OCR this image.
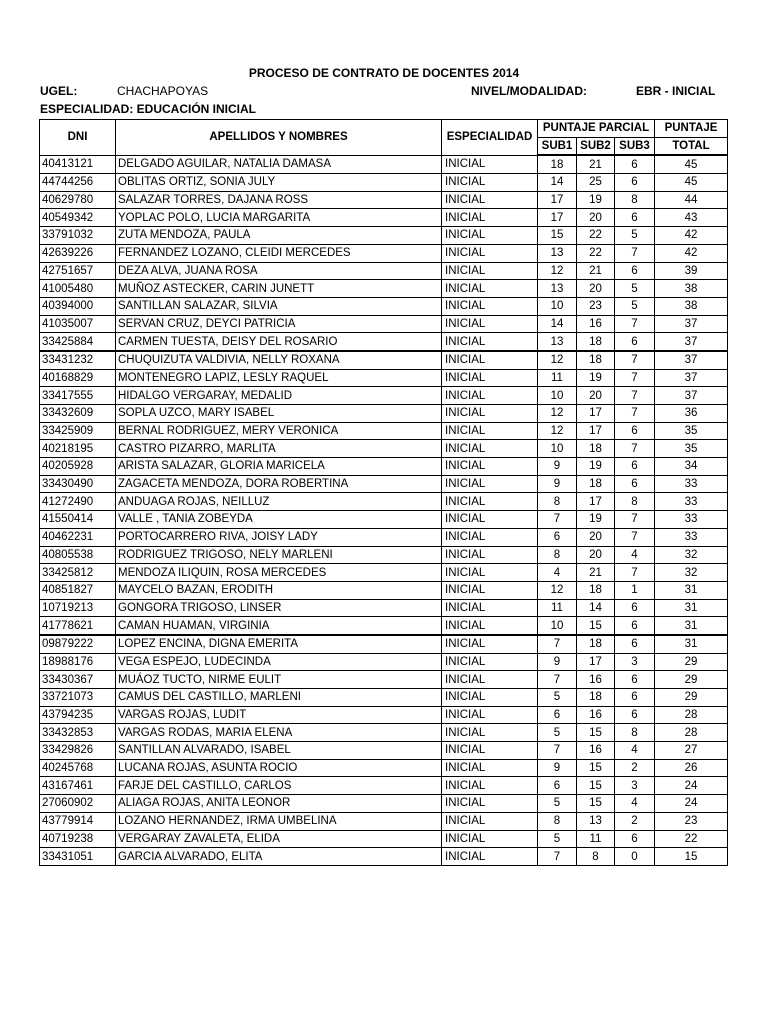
PROCESO DE CONTRATO DE DOCENTES 2014
UGEL:	CHACHAPOYAS	NIVEL/MODALIDAD:	EBR - INICIAL
ESPECIALIDAD: EDUCACIÓN INICIAL
DNI	APELLIDOS Y NOMBRES	ESPECIALIDAD	PUNTAJE PARCIAL			PUNTAJE
			SUB1	SUB2	SUB3	TOTAL
40413121	DELGADO AGUILAR, NATALIA DAMASA	INICIAL	18	21	6	45
44744256	OBLITAS ORTIZ, SONIA JULY	INICIAL	14	25	6	45
40629780	SALAZAR TORRES, DAJANA ROSS	INICIAL	17	19	8	44
40549342	YOPLAC POLO, LUCIA MARGARITA	INICIAL	17	20	6	43
33791032	ZUTA MENDOZA, PAULA	INICIAL	15	22	5	42
42639226	FERNANDEZ LOZANO, CLEIDI MERCEDES	INICIAL	13	22	7	42
42751657	DEZA ALVA, JUANA ROSA	INICIAL	12	21	6	39
41005480	MUÑOZ ASTECKER, CARIN JUNETT	INICIAL	13	20	5	38
40394000	SANTILLAN SALAZAR, SILVIA	INICIAL	10	23	5	38
41035007	SERVAN CRUZ, DEYCI PATRICIA	INICIAL	14	16	7	37
33425884	CARMEN TUESTA, DEISY DEL ROSARIO	INICIAL	13	18	6	37
33431232	CHUQUIZUTA VALDIVIA, NELLY ROXANA	INICIAL	12	18	7	37
40168829	MONTENEGRO LAPIZ, LESLY RAQUEL	INICIAL	11	19	7	37
33417555	HIDALGO VERGARAY, MEDALID	INICIAL	10	20	7	37
33432609	SOPLA UZCO, MARY ISABEL	INICIAL	12	17	7	36
33425909	BERNAL RODRIGUEZ, MERY VERONICA	INICIAL	12	17	6	35
40218195	CASTRO PIZARRO, MARLITA	INICIAL	10	18	7	35
40205928	ARISTA SALAZAR, GLORIA MARICELA	INICIAL	9	19	6	34
33430490	ZAGACETA MENDOZA, DORA ROBERTINA	INICIAL	9	18	6	33
41272490	ANDUAGA ROJAS, NEILLUZ	INICIAL	8	17	8	33
41550414	VALLE , TANIA ZOBEYDA	INICIAL	7	19	7	33
40462231	PORTOCARRERO RIVA, JOISY LADY	INICIAL	6	20	7	33
40805538	RODRIGUEZ TRIGOSO, NELY MARLENI	INICIAL	8	20	4	32
33425812	MENDOZA ILIQUIN, ROSA MERCEDES	INICIAL	4	21	7	32
40851827	MAYCELO BAZAN, ERODITH	INICIAL	12	18	1	31
10719213	GONGORA TRIGOSO, LINSER	INICIAL	11	14	6	31
41778621	CAMAN HUAMAN, VIRGINIA	INICIAL	10	15	6	31
09879222	LOPEZ ENCINA, DIGNA EMERITA	INICIAL	7	18	6	31
18988176	VEGA ESPEJO, LUDECINDA	INICIAL	9	17	3	29
33430367	MUÁOZ TUCTO, NIRME EULIT	INICIAL	7	16	6	29
33721073	CAMUS DEL CASTILLO, MARLENI	INICIAL	5	18	6	29
43794235	VARGAS ROJAS, LUDIT	INICIAL	6	16	6	28
33432853	VARGAS RODAS, MARIA ELENA	INICIAL	5	15	8	28
33429826	SANTILLAN ALVARADO, ISABEL	INICIAL	7	16	4	27
40245768	LUCANA ROJAS, ASUNTA ROCIO	INICIAL	9	15	2	26
43167461	FARJE DEL CASTILLO, CARLOS	INICIAL	6	15	3	24
27060902	ALIAGA ROJAS, ANITA LEONOR	INICIAL	5	15	4	24
43779914	LOZANO HERNANDEZ, IRMA UMBELINA	INICIAL	8	13	2	23
40719238	VERGARAY ZAVALETA, ELIDA	INICIAL	5	11	6	22
33431051	GARCIA ALVARADO, ELITA	INICIAL	7	8	0	15
